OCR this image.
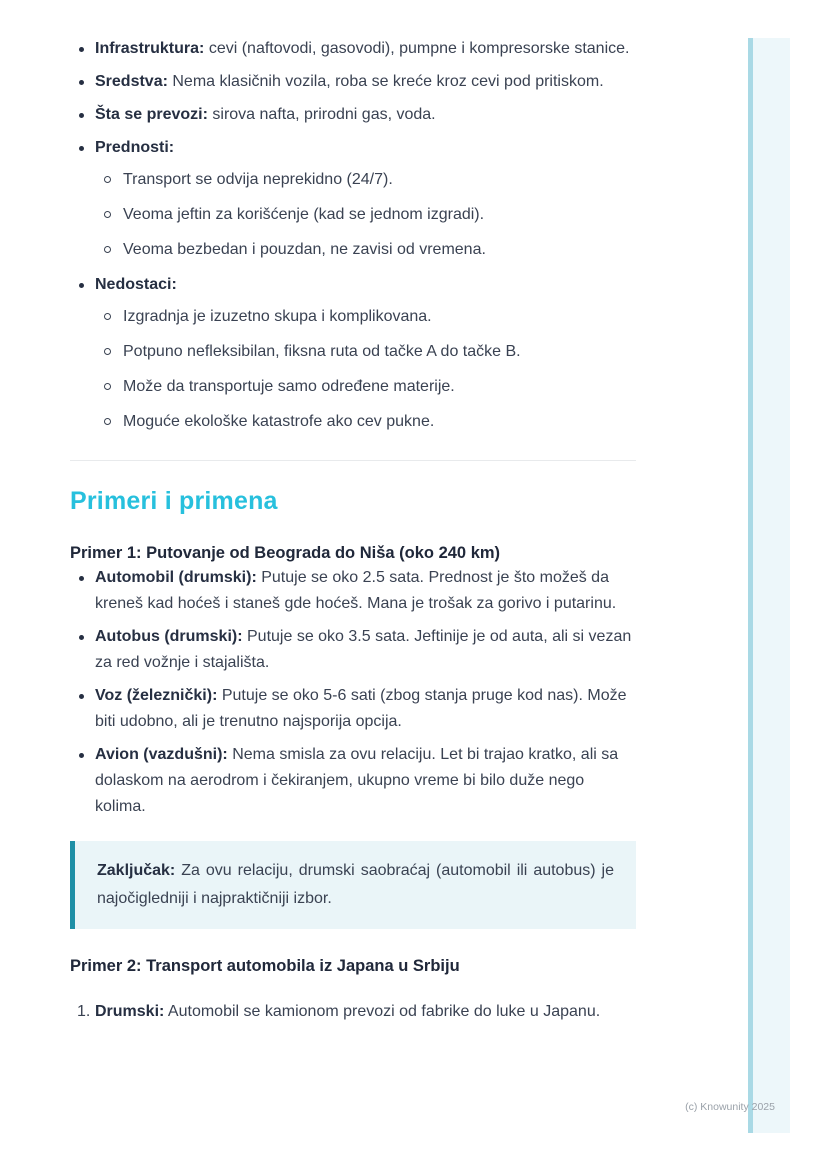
Infrastruktura: cevi (naftovodi, gasovodi), pumpne i kompresorske stanice.
Sredstva: Nema klasičnih vozila, roba se kreće kroz cevi pod pritiskom.
Šta se prevozi: sirova nafta, prirodni gas, voda.
Prednosti:
Transport se odvija neprekidno (24/7).
Veoma jeftin za korišćenje (kad se jednom izgradi).
Veoma bezbedan i pouzdan, ne zavisi od vremena.
Nedostaci:
Izgradnja je izuzetno skupa i komplikovana.
Potpuno nefleksibilan, fiksna ruta od tačke A do tačke B.
Može da transportuje samo određene materije.
Moguće ekološke katastrofe ako cev pukne.
Primeri i primena
Primer 1: Putovanje od Beograda do Niša (oko 240 km)
Automobil (drumski): Putuje se oko 2.5 sata. Prednost je što možeš da kreneš kad hoćeš i staneš gde hoćeš. Mana je trošak za gorivo i putarinu.
Autobus (drumski): Putuje se oko 3.5 sata. Jeftinije je od auta, ali si vezan za red vožnje i stajališta.
Voz (železnički): Putuje se oko 5-6 sati (zbog stanja pruge kod nas). Može biti udobno, ali je trenutno najsporija opcija.
Avion (vazdušni): Nema smisla za ovu relaciju. Let bi trajao kratko, ali sa dolaskom na aerodrom i čekiranjem, ukupno vreme bi bilo duže nego kolima.
Zaključak: Za ovu relaciju, drumski saobraćaj (automobil ili autobus) je najočigledniji i najpraktičniji izbor.
Primer 2: Transport automobila iz Japana u Srbiju
1. Drumski: Automobil se kamionom prevozi od fabrike do luke u Japanu.
(c) Knowunity 2025
